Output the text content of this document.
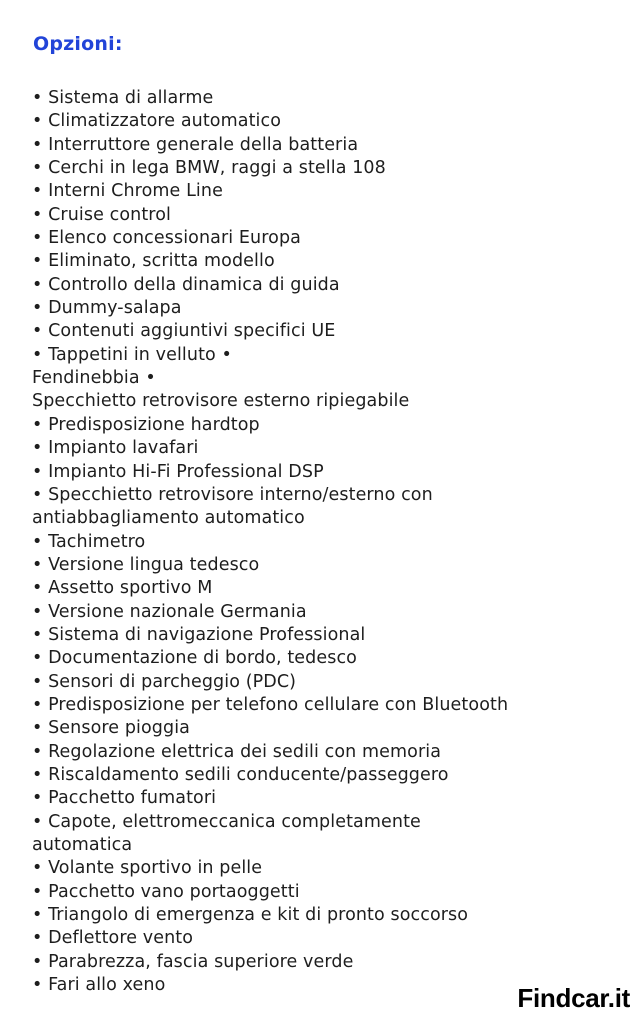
Opzioni:
• Sistema di allarme
• Climatizzatore automatico
• Interruttore generale della batteria
• Cerchi in lega BMW, raggi a stella 108
• Interni Chrome Line
• Cruise control
• Elenco concessionari Europa
• Eliminato, scritta modello
• Controllo della dinamica di guida
• Dummy-salapa
• Contenuti aggiuntivi specifici UE
• Tappetini in velluto •
Fendinebbia •
Specchietto retrovisore esterno ripiegabile
• Predisposizione hardtop
• Impianto lavafari
• Impianto Hi-Fi Professional DSP
• Specchietto retrovisore interno/esterno con
antiabbagliamento automatico
• Tachimetro
• Versione lingua tedesco
• Assetto sportivo M
• Versione nazionale Germania
• Sistema di navigazione Professional
• Documentazione di bordo, tedesco
• Sensori di parcheggio (PDC)
• Predisposizione per telefono cellulare con Bluetooth
• Sensore pioggia
• Regolazione elettrica dei sedili con memoria
• Riscaldamento sedili conducente/passeggero
• Pacchetto fumatori
• Capote, elettromeccanica completamente
automatica
• Volante sportivo in pelle
• Pacchetto vano portaoggetti
• Triangolo di emergenza e kit di pronto soccorso
• Deflettore vento
• Parabrezza, fascia superiore verde
• Fari allo xeno	Findcar.it
